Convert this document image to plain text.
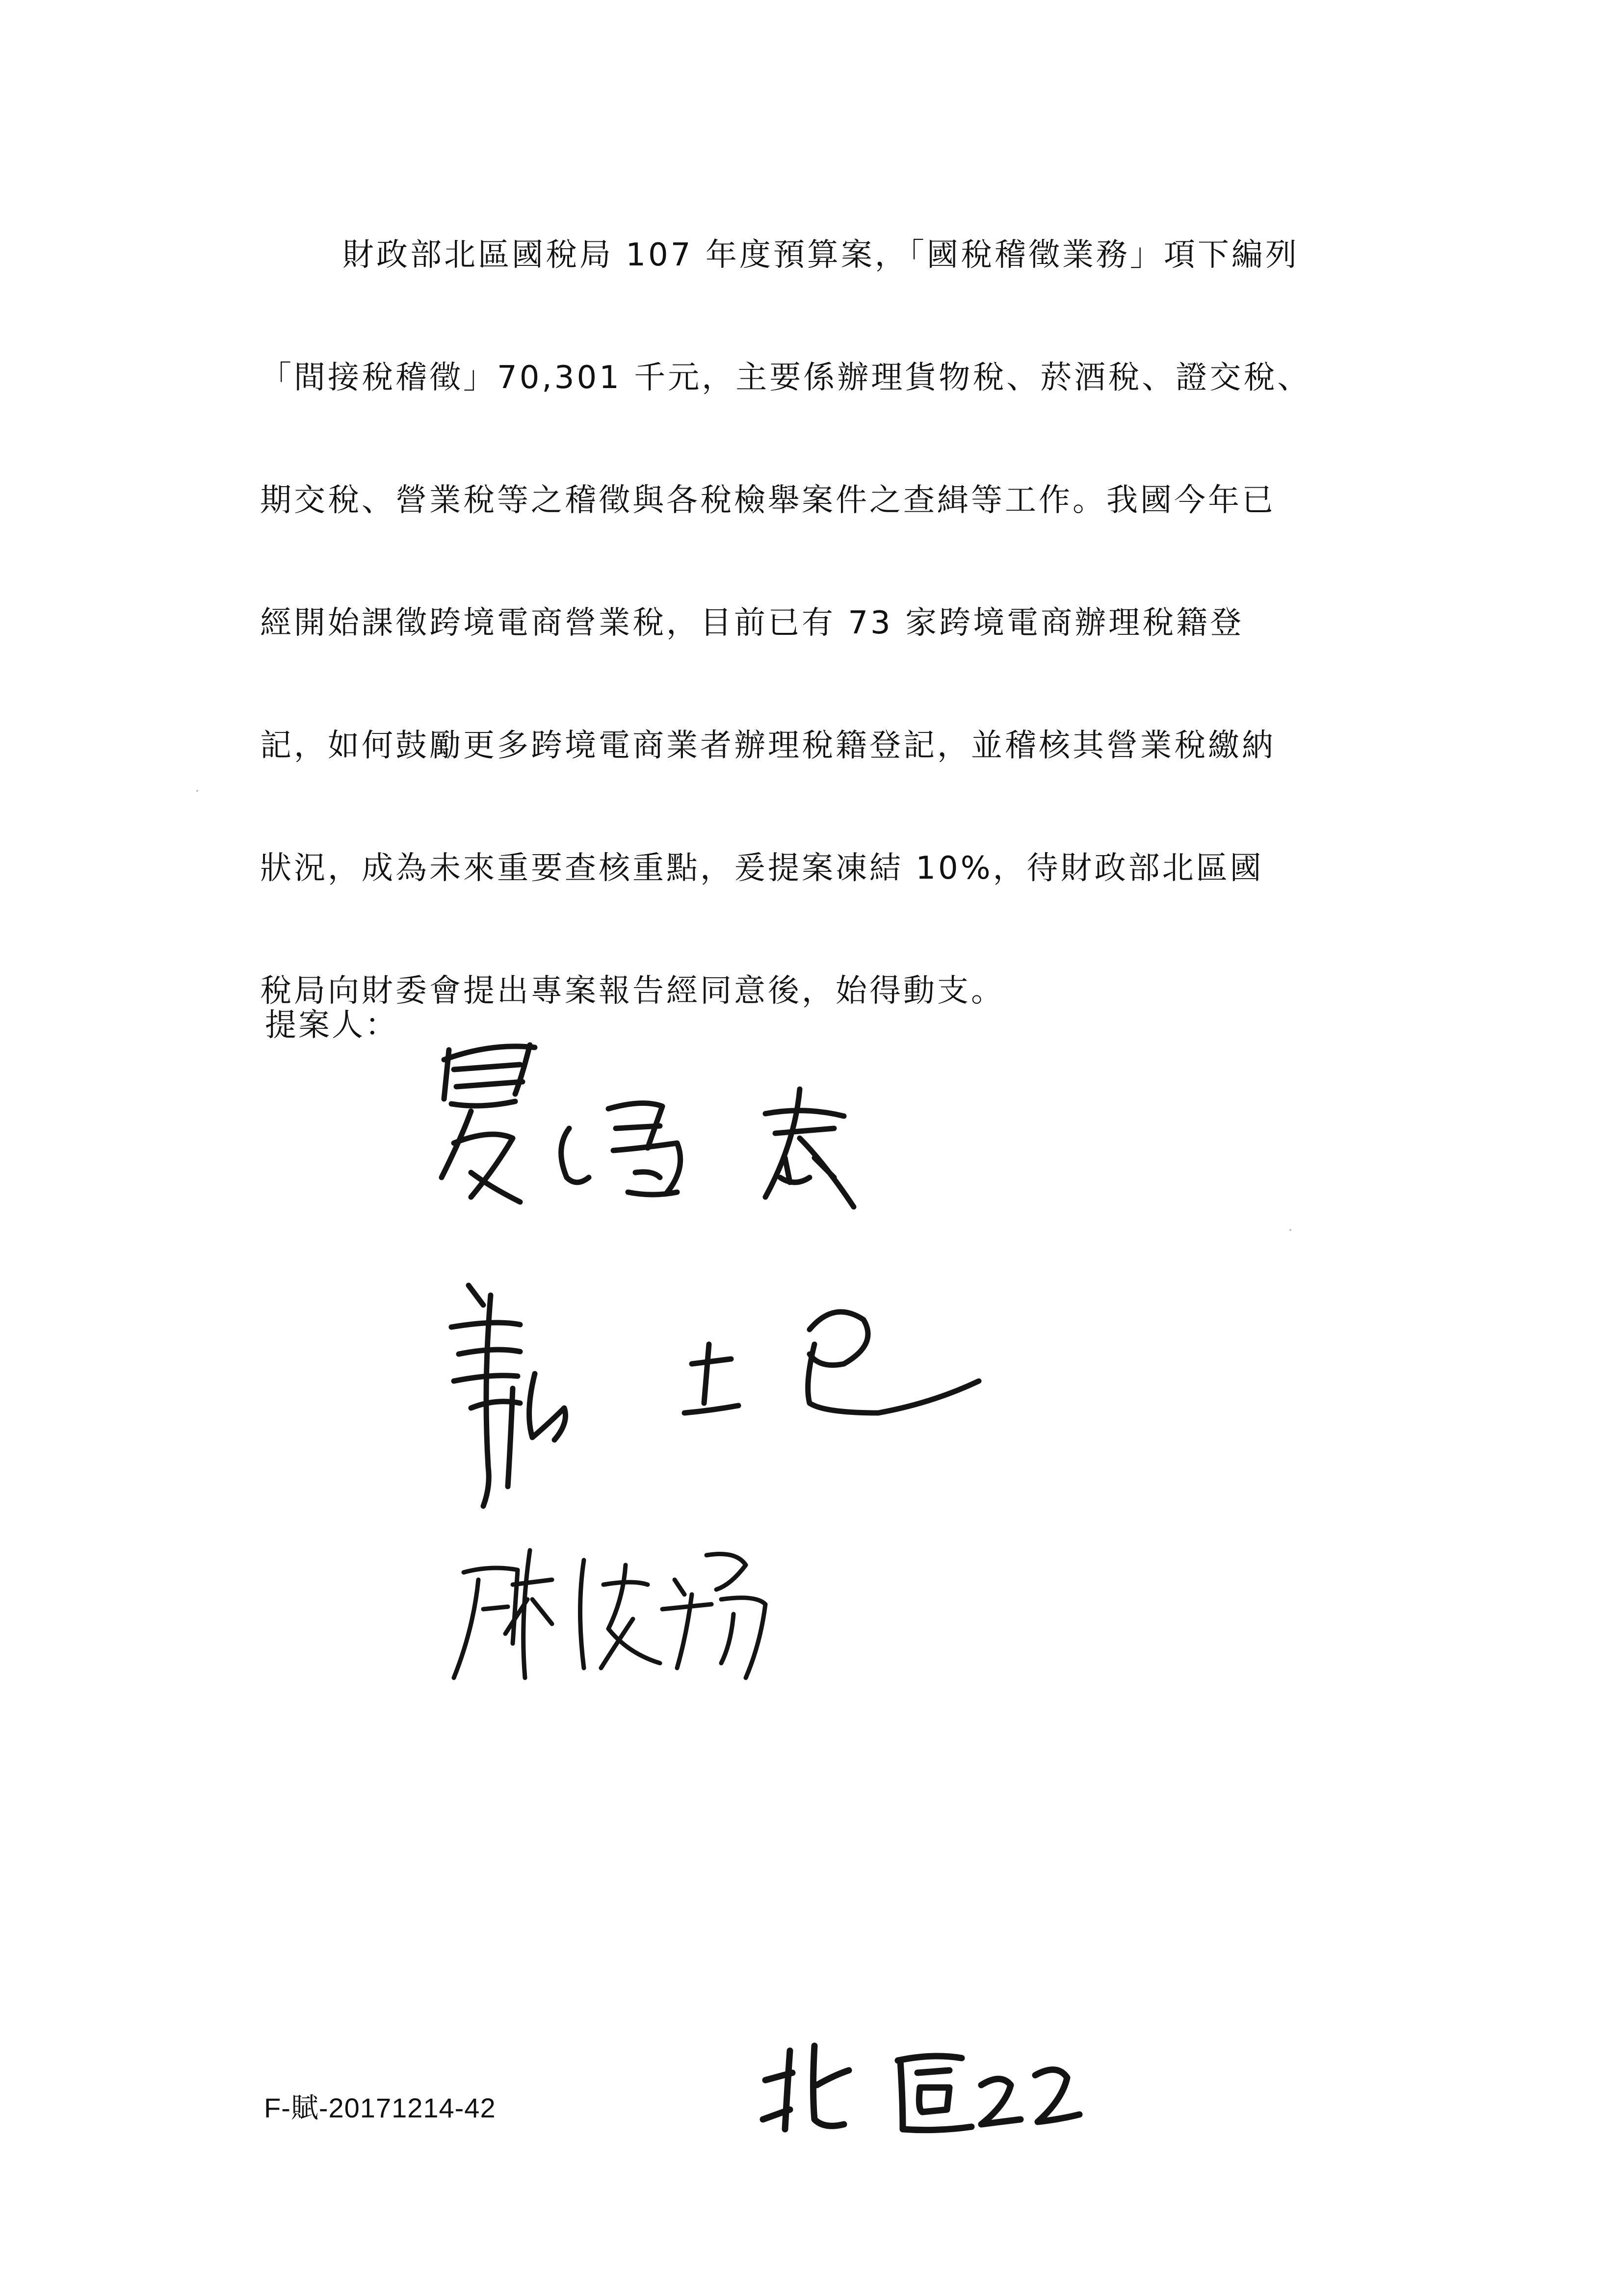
財政部北區國稅局 107 年度預算案，「國稅稽徵業務」項下編列
「間接稅稽徵」70,301 千元，主要係辦理貨物稅、菸酒稅、證交稅、
期交稅、營業稅等之稽徵與各稅檢舉案件之查緝等工作。我國今年已
經開始課徵跨境電商營業稅，目前已有 73 家跨境電商辦理稅籍登
記，如何鼓勵更多跨境電商業者辦理稅籍登記，並稽核其營業稅繳納
狀況，成為未來重要查核重點，爰提案凍結 10%，待財政部北區國
稅局向財委會提出專案報告經同意後，始得動支。
提案人：
F-賦-20171214-42
